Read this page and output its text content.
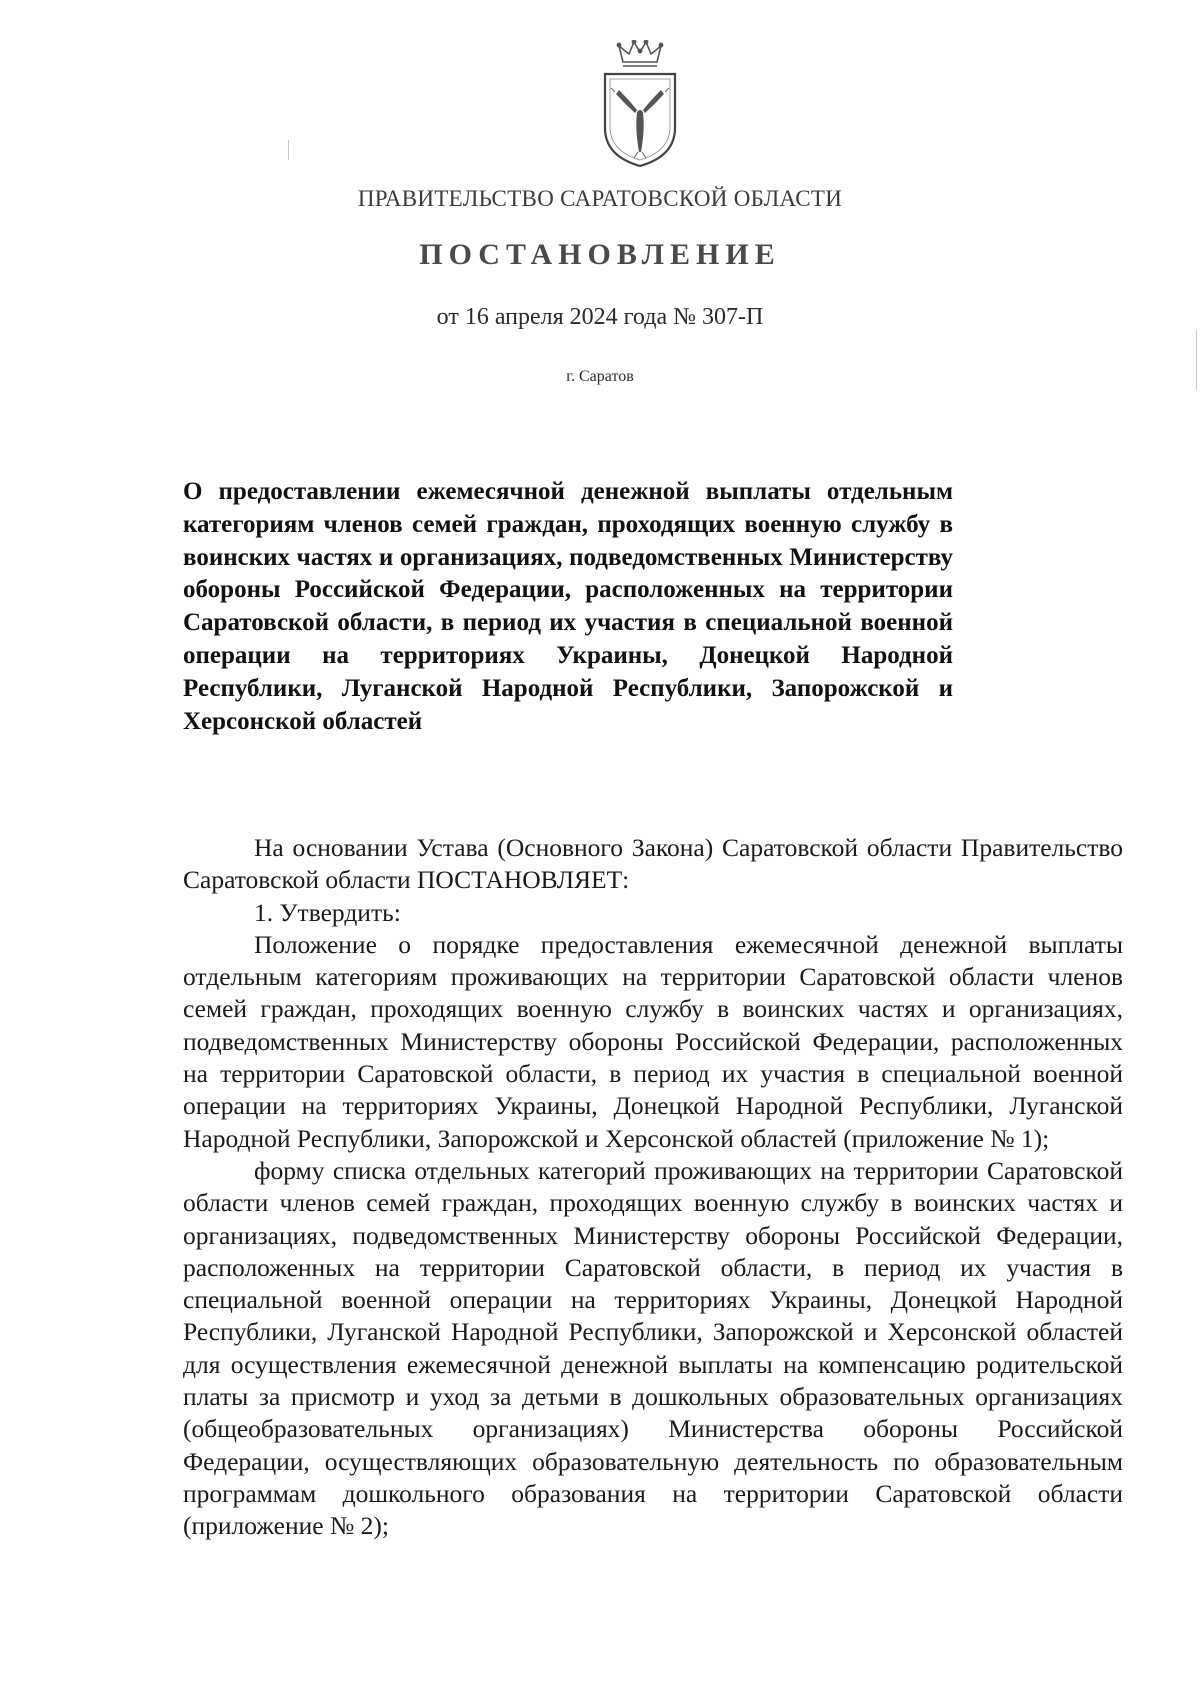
ПРАВИТЕЛЬСТВО САРАТОВСКОЙ ОБЛАСТИ
ПОСТАНОВЛЕНИЕ
от 16 апреля 2024 года № 307-П
г. Саратов
О предоставлении ежемесячной денежной выплаты отдельным категориям членов семей граждан, проходящих военную службу в воинских частях и организациях, подведомственных Министерству обороны Российской Федерации, расположенных на территории Саратовской области, в период их участия в специальной военной операции на территориях Украины, Донецкой Народной Республики, Луганской Народной Республики, Запорожской и Херсонской областей

На основании Устава (Основного Закона) Саратовской области Правительство Саратовской области ПОСТАНОВЛЯЕТ:

1. Утвердить:

Положение о порядке предоставления ежемесячной денежной выплаты отдельным категориям проживающих на территории Саратовской области членов семей граждан, проходящих военную службу в воинских частях и организациях, подведомственных Министерству обороны Российской Федерации, расположенных на территории Саратовской области, в период их участия в специальной военной операции на территориях Украины, Донецкой Народной Республики, Луганской Народной Республики, Запорожской и Херсонской областей (приложение № 1);

форму списка отдельных категорий проживающих на территории Саратовской области членов семей граждан, проходящих военную службу в воинских частях и организациях, подведомственных Министерству обороны Российской Федерации, расположенных на территории Саратовской области, в период их участия в специальной военной операции на территориях Украины, Донецкой Народной Республики, Луганской Народной Республики, Запорожской и Херсонской областей для осуществления ежемесячной денежной выплаты на компенсацию родительской платы за присмотр и уход за детьми в дошкольных образовательных организациях (общеобразовательных организациях) Министерства обороны Российской Федерации, осуществляющих образовательную деятельность по образовательным программам дошкольного образования на территории Саратовской области (приложение № 2);
